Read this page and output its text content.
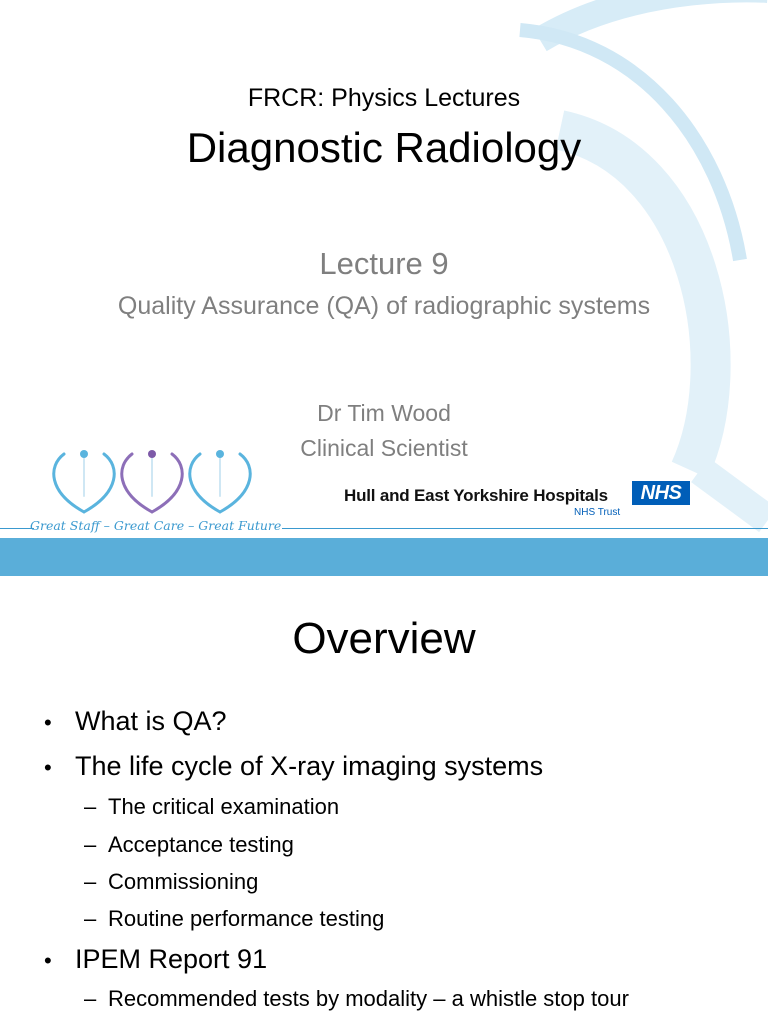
FRCR: Physics Lectures
Diagnostic Radiology
Lecture 9
Quality Assurance (QA) of radiographic systems
Dr Tim Wood
Clinical Scientist
Great Staff – Great Care – Great Future
Hull and East Yorkshire Hospitals	NHS
NHS Trust
Overview
• What is QA?
• The life cycle of X-ray imaging systems
– The critical examination
– Acceptance testing
– Commissioning
– Routine performance testing
• IPEM Report 91
– Recommended tests by modality – a whistle stop tour
